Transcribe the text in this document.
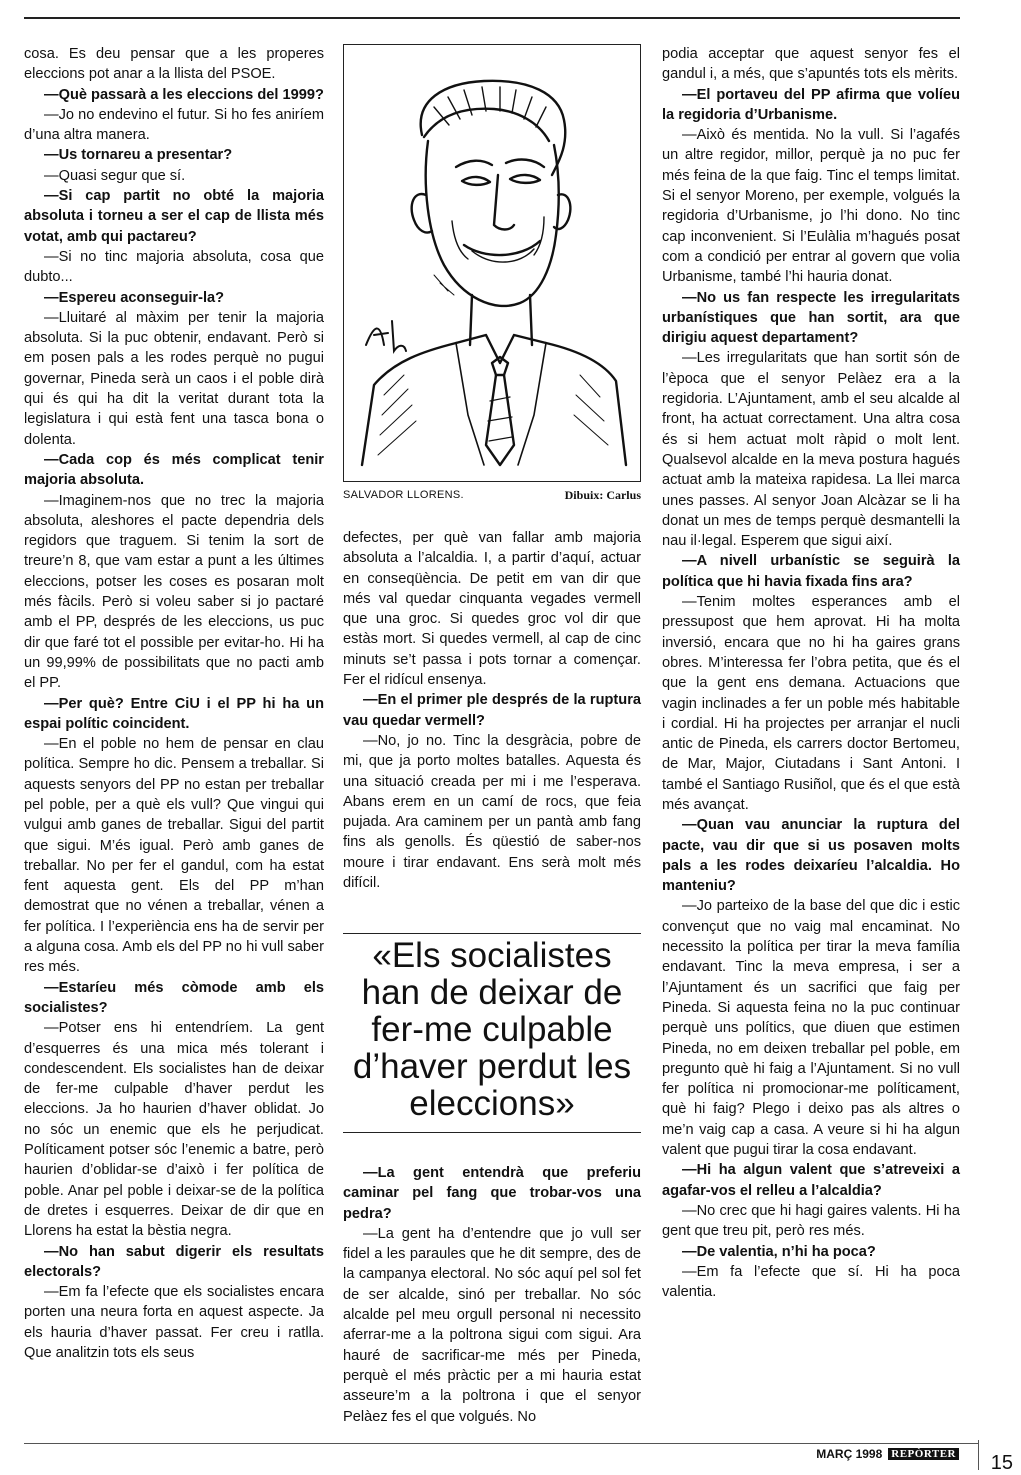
cosa. Es deu pensar que a les properes eleccions pot anar a la llista del PSOE.

—Què passarà a les eleccions del 1999?

—Jo no endevino el futur. Si ho fes aniríem d’una altra manera.

—Us tornareu a presentar?

—Quasi segur que sí.

—Si cap partit no obté la majoria absoluta i torneu a ser el cap de llista més votat, amb qui pactareu?

—Si no tinc majoria absoluta, cosa que dubto...

—Espereu aconseguir-la?

—Lluitaré al màxim per tenir la majoria absoluta. Si la puc obtenir, endavant. Però si em posen pals a les rodes perquè no pugui governar, Pineda serà un caos i el poble dirà qui és qui ha dit la veritat durant tota la legislatura i qui està fent una tasca bona o dolenta.

—Cada cop és més complicat tenir majoria absoluta.

—Imaginem-nos que no trec la majoria absoluta, aleshores el pacte dependria dels regidors que traguem. Si tenim la sort de treure’n 8, que vam estar a punt a les últimes eleccions, potser les coses es posaran molt més fàcils. Però si voleu saber si jo pactaré amb el PP, després de les eleccions, us puc dir que faré tot el possible per evitar-ho. Hi ha un 99,99% de possibilitats que no pacti amb el PP.

—Per què? Entre CiU i el PP hi ha un espai polític coincident.

—En el poble no hem de pensar en clau política. Sempre ho dic. Pensem a treballar. Si aquests senyors del PP no estan per treballar pel poble, per a què els vull? Que vingui qui vulgui amb ganes de treballar. Sigui del partit que sigui. M’és igual. Però amb ganes de treballar. No per fer el gandul, com ha estat fent aquesta gent. Els del PP m’han demostrat que no vénen a treballar, vénen a fer política. I l’experiència ens ha de servir per a alguna cosa. Amb els del PP no hi vull saber res més.

—Estaríeu més còmode amb els socialistes?

—Potser ens hi entendríem. La gent d’esquerres és una mica més tolerant i condescendent. Els socialistes han de deixar de fer-me culpable d’haver perdut les eleccions. Ja ho haurien d’haver oblidat. Jo no sóc un enemic que els he perjudicat. Políticament potser sóc l’enemic a batre, però haurien d’oblidar-se d’això i fer política de poble. Anar pel poble i deixar-se de la política de dretes i esquerres. Deixar de dir que en Llorens ha estat la bèstia negra.

—No han sabut digerir els resultats electorals?

—Em fa l’efecte que els socialistes encara porten una neura forta en aquest aspecte. Ja els hauria d’haver passat. Fer creu i ratlla. Que analitzin tots els seus

SALVADOR LLORENS.	Dibuix: Carlus

defectes, per què van fallar amb majoria absoluta a l’alcaldia. I, a partir d’aquí, actuar en conseqüència. De petit em van dir que més val quedar cinquanta vegades vermell que una groc. Si quedes groc vol dir que estàs mort. Si quedes vermell, al cap de cinc minuts se’t passa i pots tornar a començar. Fer el ridícul ensenya.

—En el primer ple després de la ruptura vau quedar vermell?

—No, jo no. Tinc la desgràcia, pobre de mi, que ja porto moltes batalles. Aquesta és una situació creada per mi i me l’esperava. Abans erem en un camí de rocs, que feia pujada. Ara caminem per un pantà amb fang fins als genolls. És qüestió de saber-nos moure i tirar endavant. Ens serà molt més difícil.

«Els socialistes
han de deixar de
fer-me culpable
d’haver perdut les
eleccions»

—La gent entendrà que preferiu caminar pel fang que trobar-vos una pedra?

—La gent ha d’entendre que jo vull ser fidel a les paraules que he dit sempre, des de la campanya electoral. No sóc aquí pel sol fet de ser alcalde, sinó per treballar. No sóc alcalde pel meu orgull personal ni necessito aferrar-me a la poltrona sigui com sigui. Ara hauré de sacrificar-me més per Pineda, perquè el més pràctic per a mi hauria estat asseure’m a la poltrona i que el senyor Pelàez fes el que volgués. No

podia acceptar que aquest senyor fes el gandul i, a més, que s’apuntés tots els mèrits.

—El portaveu del PP afirma que volíeu la regidoria d’Urbanisme.

—Això és mentida. No la vull. Si l’agafés un altre regidor, millor, perquè ja no puc fer més feina de la que faig. Tinc el temps limitat. Si el senyor Moreno, per exemple, volgués la regidoria d’Urbanisme, jo l’hi dono. No tinc cap inconvenient. Si l’Eulàlia m’hagués posat com a condició per entrar al govern que volia Urbanisme, també l’hi hauria donat.

—No us fan respecte les irregularitats urbanístiques que han sortit, ara que dirigiu aquest departament?

—Les irregularitats que han sortit són de l’època que el senyor Pelàez era a la regidoria. L’Ajuntament, amb el seu alcalde al front, ha actuat correctament. Una altra cosa és si hem actuat molt ràpid o molt lent. Qualsevol alcalde en la meva postura hagués actuat amb la mateixa rapidesa. La llei marca unes passes. Al senyor Joan Alcàzar se li ha donat un mes de temps perquè desmantelli la nau il·legal. Esperem que sigui així.

—A nivell urbanístic se seguirà la política que hi havia fixada fins ara?

—Tenim moltes esperances amb el pressupost que hem aprovat. Hi ha molta inversió, encara que no hi ha gaires grans obres. M’interessa fer l’obra petita, que és el que la gent ens demana. Actuacions que vagin inclinades a fer un poble més habitable i cordial. Hi ha projectes per arranjar el nucli antic de Pineda, els carrers doctor Bertomeu, de Mar, Major, Ciutadans i Sant Antoni. I també el Santiago Rusiñol, que és el que està més avançat.

—Quan vau anunciar la ruptura del pacte, vau dir que si us posaven molts pals a les rodes deixaríeu l’alcaldia. Ho manteniu?

—Jo parteixo de la base del que dic i estic convençut que no vaig mal encaminat. No necessito la política per tirar la meva família endavant. Tinc la meva empresa, i ser a l’Ajuntament és un sacrifici que faig per Pineda. Si aquesta feina no la puc continuar perquè uns polítics, que diuen que estimen Pineda, no em deixen treballar pel poble, em pregunto què hi faig a l’Ajuntament. Si no vull fer política ni promocionar-me políticament, què hi faig? Plego i deixo pas als altres o me’n vaig cap a casa. A veure si hi ha algun valent que pugui tirar la cosa endavant.

—Hi ha algun valent que s’atreveixi a agafar-vos el relleu a l’alcaldia?

—No crec que hi hagi gaires valents. Hi ha gent que treu pit, però res més.

—De valentia, n’hi ha poca?

—Em fa l’efecte que sí. Hi ha poca valentia.

MARÇ 1998 REPÒRTER 15
